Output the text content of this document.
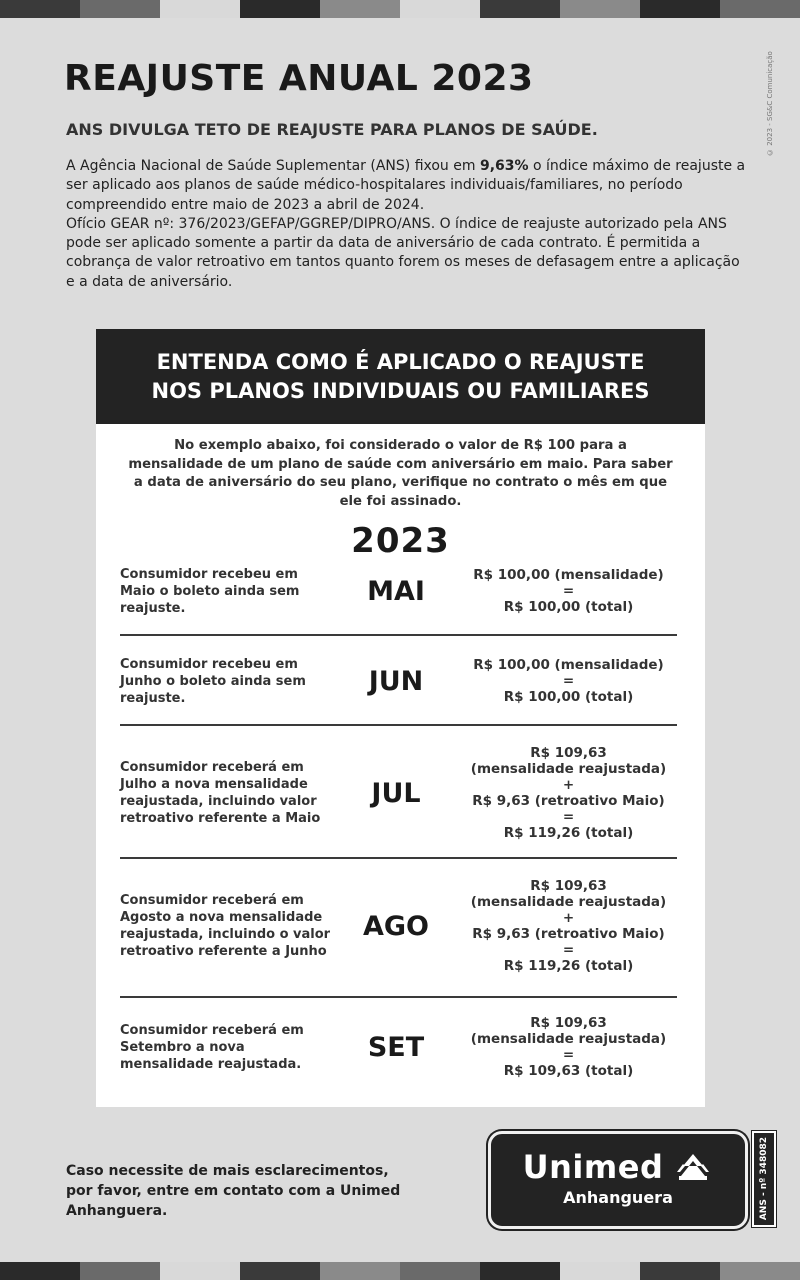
© 2023 - SG&C Comunicação
REAJUSTE ANUAL 2023
ANS DIVULGA TETO DE REAJUSTE PARA PLANOS DE SAÚDE.

A Agência Nacional de Saúde Suplementar (ANS) fixou em 9,63% o índice máximo de reajuste a ser aplicado aos planos de saúde médico-hospitalares individuais/familiares, no período compreendido entre maio de 2023 a abril de 2024.

Ofício GEAR nº: 376/2023/GEFAP/GGREP/DIPRO/ANS. O índice de reajuste autorizado pela ANS pode ser aplicado somente a partir da data de aniversário de cada contrato. É permitida a cobrança de valor retroativo em tantos quanto forem os meses de defasagem entre a aplicação e a data de aniversário.

ENTENDA COMO É APLICADO O REAJUSTE
NOS PLANOS INDIVIDUAIS OU FAMILIARES
No exemplo abaixo, foi considerado o valor de R$ 100 para a mensalidade de um plano de saúde com aniversário em maio. Para saber a data de aniversário do seu plano, verifique no contrato o mês em que ele foi assinado.
2023
Consumidor recebeu em Maio o boleto ainda sem reajuste.
MAI
R$ 100,00 (mensalidade)
=
R$ 100,00 (total)
Consumidor recebeu em Junho o boleto ainda sem reajuste.
JUN
R$ 100,00 (mensalidade)
=
R$ 100,00 (total)
Consumidor receberá em Julho a nova mensalidade reajustada, incluindo valor retroativo referente a Maio
JUL
R$ 109,63
(mensalidade reajustada)
+
R$ 9,63 (retroativo Maio)
=
R$ 119,26 (total)
Consumidor receberá em Agosto a nova mensalidade reajustada, incluindo o valor retroativo referente a Junho
AGO
R$ 109,63
(mensalidade reajustada)
+
R$ 9,63 (retroativo Maio)
=
R$ 119,26 (total)
Consumidor receberá em Setembro a nova mensalidade reajustada.
SET
R$ 109,63
(mensalidade reajustada)
=
R$ 109,63 (total)
Caso necessite de mais esclarecimentos,
por favor, entre em contato com a Unimed Anhanguera.
Unimed
Anhanguera	ANS - nº 348082
